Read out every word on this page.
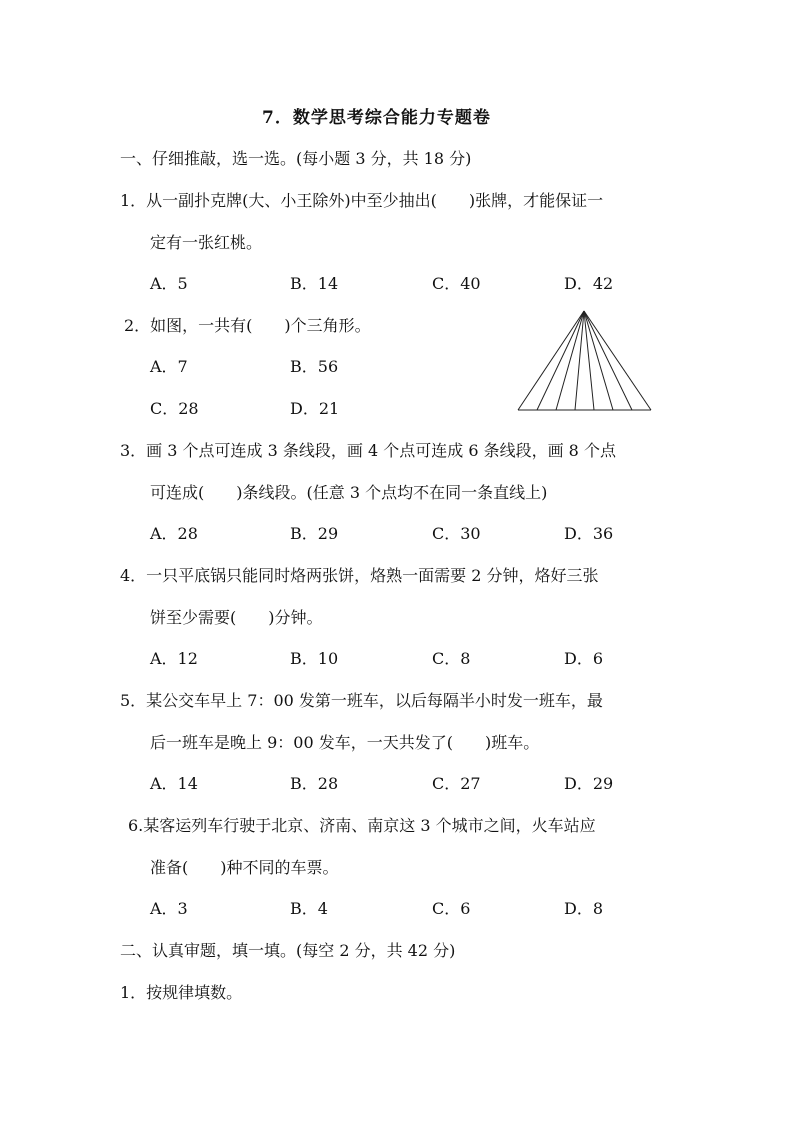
7．数学思考综合能力专题卷
一、仔细推敲，选一选。(每小题 3 分，共 18 分)
1．从一副扑克牌(大、小王除外)中至少抽出(　　)张牌，才能保证一
定有一张红桃。
A．5	B．14	C．40	D．42
2．如图，一共有(　　)个三角形。
A．7	B．56
C．28	D．21
3．画 3 个点可连成 3 条线段，画 4 个点可连成 6 条线段，画 8 个点
可连成(　　)条线段。(任意 3 个点均不在同一条直线上)
A．28	B．29	C．30	D．36
4．一只平底锅只能同时烙两张饼，烙熟一面需要 2 分钟，烙好三张
饼至少需要(　　)分钟。
A．12	B．10	C．8	D．6
5．某公交车早上 7：00 发第一班车，以后每隔半小时发一班车，最
后一班车是晚上 9：00 发车，一天共发了(　　)班车。
A．14	B．28	C．27	D．29
6.某客运列车行驶于北京、济南、南京这 3 个城市之间，火车站应
准备(　　)种不同的车票。
A．3	B．4	C．6	D．8
二、认真审题，填一填。(每空 2 分，共 42 分)
1．按规律填数。
